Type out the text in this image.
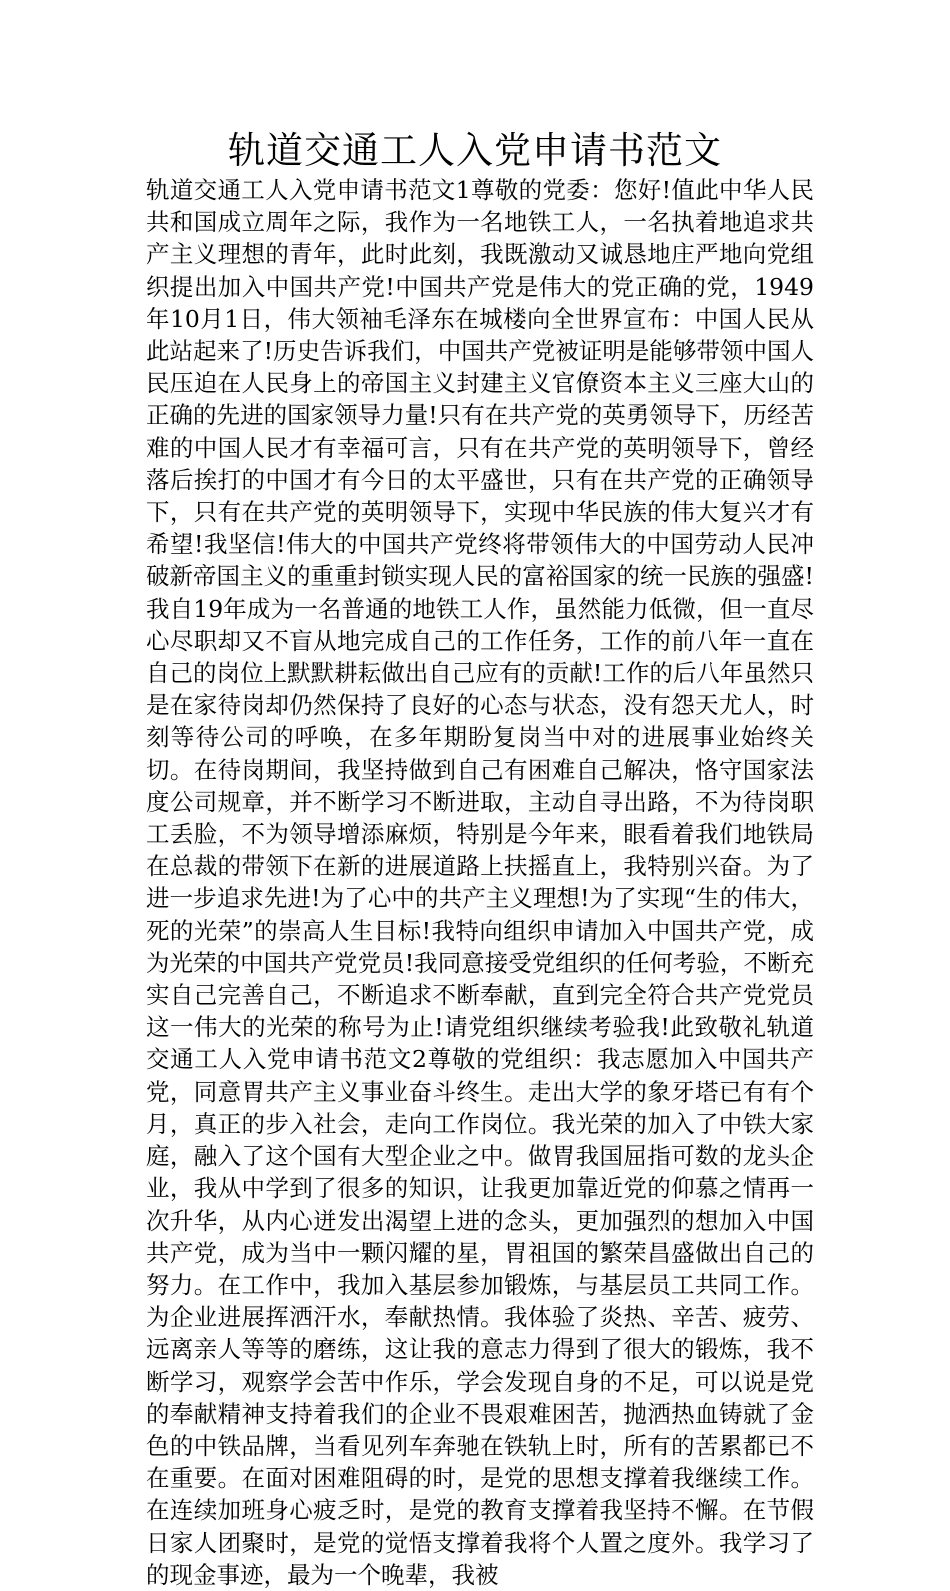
轨道交通工人入党申请书范文

轨道交通工人入党申请书范文1尊敬的党委：您好!值此中华人民共和国成立周年之际，我作为一名地铁工人，一名执着地追求共产主义理想的青年，此时此刻，我既激动又诚恳地庄严地向党组织提出加入中国共产党!中国共产党是伟大的党正确的党，1949年10月1日，伟大领袖毛泽东在城楼向全世界宣布：中国人民从此站起来了!历史告诉我们，中国共产党被证明是能够带领中国人民压迫在人民身上的帝国主义封建主义官僚资本主义三座大山的正确的先进的国家领导力量!只有在共产党的英勇领导下，历经苦难的中国人民才有幸福可言，只有在共产党的英明领导下，曾经落后挨打的中国才有今日的太平盛世，只有在共产党的正确领导下，只有在共产党的英明领导下，实现中华民族的伟大复兴才有希望!我坚信!伟大的中国共产党终将带领伟大的中国劳动人民冲破新帝国主义的重重封锁实现人民的富裕国家的统一民族的强盛!我自19年成为一名普通的地铁工人作，虽然能力低微，但一直尽心尽职却又不盲从地完成自己的工作任务，工作的前八年一直在自己的岗位上默默耕耘做出自己应有的贡献!工作的后八年虽然只是在家待岗却仍然保持了良好的心态与状态，没有怨天尤人，时刻等待公司的呼唤，在多年期盼复岗当中对的进展事业始终关切。在待岗期间，我坚持做到自己有困难自己解决，恪守国家法度公司规章，并不断学习不断进取，主动自寻出路，不为待岗职工丢脸，不为领导增添麻烦，特别是今年来，眼看着我们地铁局在总裁的带领下在新的进展道路上扶摇直上，我特别兴奋。为了进一步追求先进!为了心中的共产主义理想!为了实现“生的伟大，死的光荣”的崇高人生目标!我特向组织申请加入中国共产党，成为光荣的中国共产党党员!我同意接受党组织的任何考验，不断充实自己完善自己，不断追求不断奉献，直到完全符合共产党党员这一伟大的光荣的称号为止!请党组织继续考验我!此致敬礼轨道交通工人入党申请书范文2尊敬的党组织：我志愿加入中国共产党，同意胃共产主义事业奋斗终生。走出大学的象牙塔已有有个月，真正的步入社会，走向工作岗位。我光荣的加入了中铁大家庭，融入了这个国有大型企业之中。做胃我国屈指可数的龙头企业，我从中学到了很多的知识，让我更加靠近党的仰慕之情再一次升华，从内心迸发出渴望上进的念头，更加强烈的想加入中国共产党，成为当中一颗闪耀的星，胃祖国的繁荣昌盛做出自己的努力。在工作中，我加入基层参加锻炼，与基层员工共同工作。为企业进展挥洒汗水，奉献热情。我体验了炎热、辛苦、疲劳、远离亲人等等的磨练，这让我的意志力得到了很大的锻炼，我不断学习，观察学会苦中作乐，学会发现自身的不足，可以说是党的奉献精神支持着我们的企业不畏艰难困苦，抛洒热血铸就了金色的中铁品牌，当看见列车奔驰在铁轨上时，所有的苦累都已不在重要。在面对困难阻碍的时，是党的思想支撑着我继续工作。在连续加班身心疲乏时，是党的教育支撑着我坚持不懈。在节假日家人团聚时，是党的觉悟支撑着我将个人置之度外。我学习了的现金事迹，最为一个晚辈，我被
